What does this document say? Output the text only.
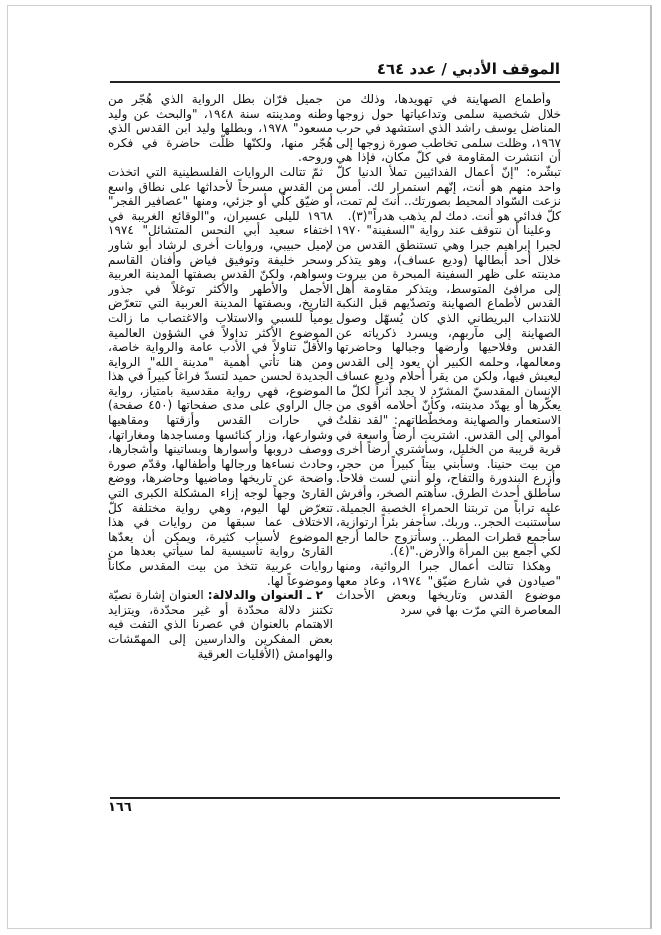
الموقف الأدبي / عدد ٤٦٤

وأطماع الصهاينة في تهويدها، وذلك من خلال شخصية سلمى وتداعياتها حول زوجها المناضل يوسف راشد الذي استشهد في حرب ١٩٦٧، وظلت سلمى تخاطب صورة زوجها إلى أن انتشرت المقاومة في كلّ مكان، فإذا هي تبشّره: "إنّ أعمال الفدائيين تملأ الدنيا كلّ واحد منهم هو أنت، إنّهم استمرار لك. أمس نزعت السّواد المحيط بصورتك.. أنتَ لم تمت، كلّ فدائي هو أنت. دمك لم يذهب هدراً"(٣).

وعلينا أن نتوقف عند رواية "السفينة" ١٩٧٠ لجبرا إبراهيم جبرا وهي تستنطق القدس من خلال أحد أبطالها (وديع عساف)، وهو يتذكر مدينته على ظهر السفينة المبحرة من بيروت إلى مرافئ المتوسط، ويتذكر مقاومة أهل القدس لأطماع الصهاينة وتصدّيهم قبل النكبة للانتداب البريطاني الذي كان يُسهّل وصول الصهاينة إلى مآربهم، ويسرد ذكرياته عن القدس وفلاحيها وأرضها وجبالها وحاضرتها ومعالمها، وحلمه الكبير أن يعود إلى القدس ليعيش فيها، ولكن من يقرأ أحلام وديع عساف الإنسان المقدسيّ المشرّد لا يجد أثراً لكلّ ما يعكّرها أو يهدّد مدينته، وكأنّ أحلامه أقوى من الاستعمار والصهاينة ومخطّطاتهم: "لقد نقلتُ أموالي إلى القدس. اشتريت أرضاً واسعة في قرية قريبة من الخليل، وسأشتري أرضاً أخرى من بيت حنينا. وسأبني بيتاً كبيراً من حجر، وأزرع البندورة والتفاح، ولو أنني لست فلاحاً. سأطلق أحدث الطرق. سأهتم الصخر، وأفرش عليه تراباً من تربتنا الحمراء الخصبة الجميلة. سأستنبت الحجر.. وربك. سأحفر بئراً ارتوازية، سأجمع قطرات المطر.. وسأتزوج حالما أرجع لكي أجمع بين المرأة والأرض."(٤).

وهكذا تتالت أعمال جبرا الروائية، ومنها "صيادون في شارع ضيّق" ١٩٧٤، وعاد معها موضوع القدس وتاريخها وبعض الأحداث المعاصرة التي مرّت بها في سرد

جميل فرّان بطل الرواية الذي هُجّر من وطنه ومدينته سنة ١٩٤٨، "والبحث عن وليد مسعود" ١٩٧٨، وبطلها وليد ابن القدس الذي هُجّر منها، ولكنّها ظلّت حاضرة في فكره وروحه.

ثمّ تتالت الروايات الفلسطينية التي اتخذت من القدس مسرحاً لأحداثها على نطاق واسع أو ضيّق كلّي أو جزئي، ومنها "عصافير الفجر" ١٩٦٨ لليلى عسيران، و"الوقائع الغريبة في اختفاء سعيد أبي النحس المتشائل" ١٩٧٤ لإميل حبيبي، وروايات أخرى لرشاد أبو شاور وسحر خليفة وتوفيق فياض وأفنان القاسم وسواهم، ولكنّ القدس بصفتها المدينة العربية الأجمل والأطهر والأكثر توغلاً في جذور التاريخ، وبصفتها المدينة العربية التي تتعرّض يومياً للسبي والاستلاب والاغتصاب ما زالت الموضوع الأكثر تداولاً في الشؤون العالمية والأقلّ تناولاً في الأدب عامة والرواية خاصة، ومن هنا تأتي أهمية "مدينة الله" الرواية الجديدة لحسن حميد لتسدّ فراغاً كبيراً في هذا الموضوع، فهي رواية مقدسية بامتياز، رواية جال الراوي على مدى صفحاتها (٤٥٠ صفحة) في حارات القدس وأزقتها ومقاهيها وشوارعها، وزار كنائسها ومساجدها ومغاراتها، ووصف دروبها وأسوارها وبساتينها وأشجارها، وحادث نساءها ورجالها وأطفالها، وقدّم صورة واضحة عن تاريخها وماضيها وحاضرها، ووضع القارئ وجهاً لوجه إزاء المشكلة الكبرى التي تتعرّض لها اليوم، وهي رواية مختلفة كلّ الاختلاف عما سبقها من روايات في هذا الموضوع لأسباب كثيرة، ويمكن أن يعدّها القارئ رواية تأسيسية لما سيأتي بعدها من روايات عربية تتخذ من بيت المقدس مكاناً وموضوعاً لها.

٢ ـ العنوان والدلالة: العنوان إشارة نصيّة تكتنز دلالة محدّدة أو غير محدّدة، ويتزايد الاهتمام بالعنوان في عصرنا الذي التفت فيه بعض المفكرين والدارسين إلى المهمّشات والهوامش (الأقليات العرقية

١٦٦
